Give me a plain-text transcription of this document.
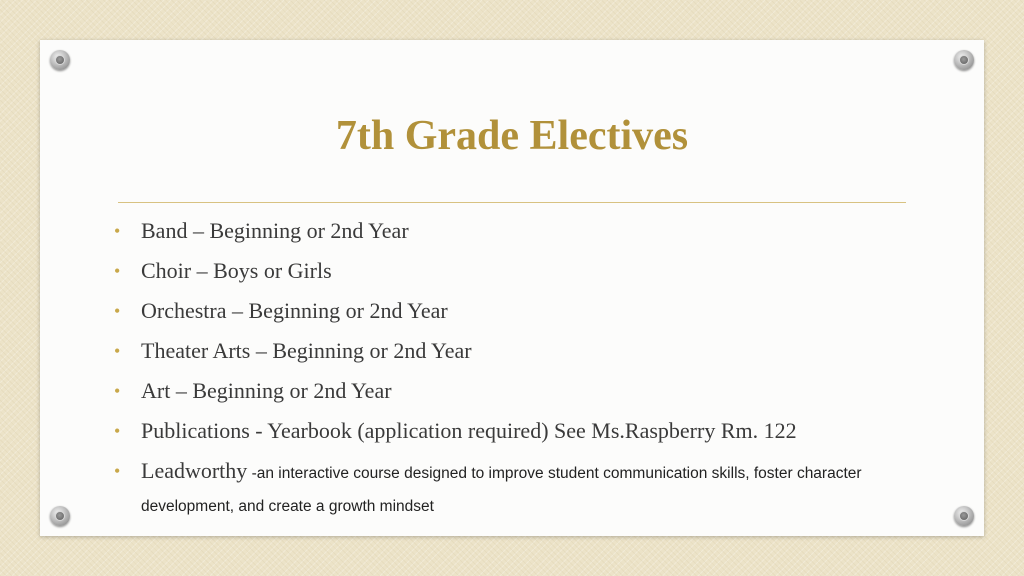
7th Grade Electives
• Band – Beginning or 2nd Year
• Choir – Boys or Girls
• Orchestra – Beginning or 2nd Year
• Theater Arts – Beginning or 2nd Year
• Art – Beginning or 2nd Year
• Publications - Yearbook (application required) See Ms.Raspberry Rm. 122
• Leadworthy -an interactive course designed to improve student communication skills, foster character development, and create a growth mindset
